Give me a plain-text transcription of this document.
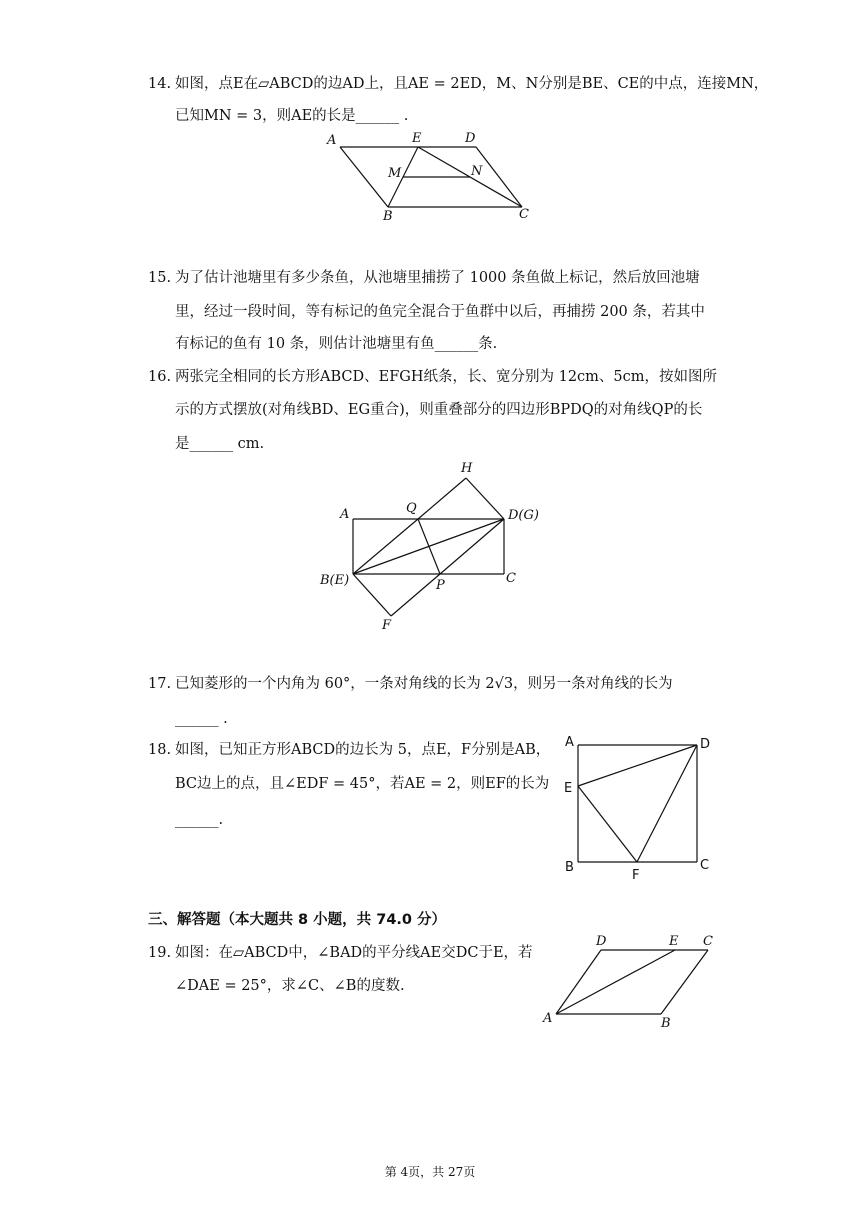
14. 如图，点E在▱ABCD的边AD上，且AE = 2ED，M、N分别是BE、CE的中点，连接MN，
已知MN = 3，则AE的长是______ .
A	E	D
M	N
B	C
15. 为了估计池塘里有多少条鱼，从池塘里捕捞了 1000 条鱼做上标记，然后放回池塘
里，经过一段时间，等有标记的鱼完全混合于鱼群中以后，再捕捞 200 条，若其中
有标记的鱼有 10 条，则估计池塘里有鱼______条.
16. 两张完全相同的长方形ABCD、EFGH纸条，长、宽分别为 12cm、5cm，按如图所
示的方式摆放(对角线BD、EG重合)，则重叠部分的四边形BPDQ的对角线QP的长
是______ cm.
H
A	Q	D(G)
B(E)	P	C
F
17. 已知菱形的一个内角为 60°，一条对角线的长为 2√3，则另一条对角线的长为
______ .
18. 如图，已知正方形ABCD的边长为 5，点E，F分别是AB，
BC边上的点，且∠EDF = 45°，若AE = 2，则EF的长为
______.
A	D
E
B
F
C
三、解答题（本大题共 8 小题，共 74.0 分）
19. 如图：在▱ABCD中，∠BAD的平分线AE交DC于E，若
∠DAE = 25°，求∠C、∠B的度数.
D	E C
A	B
第 4页，共 27页
